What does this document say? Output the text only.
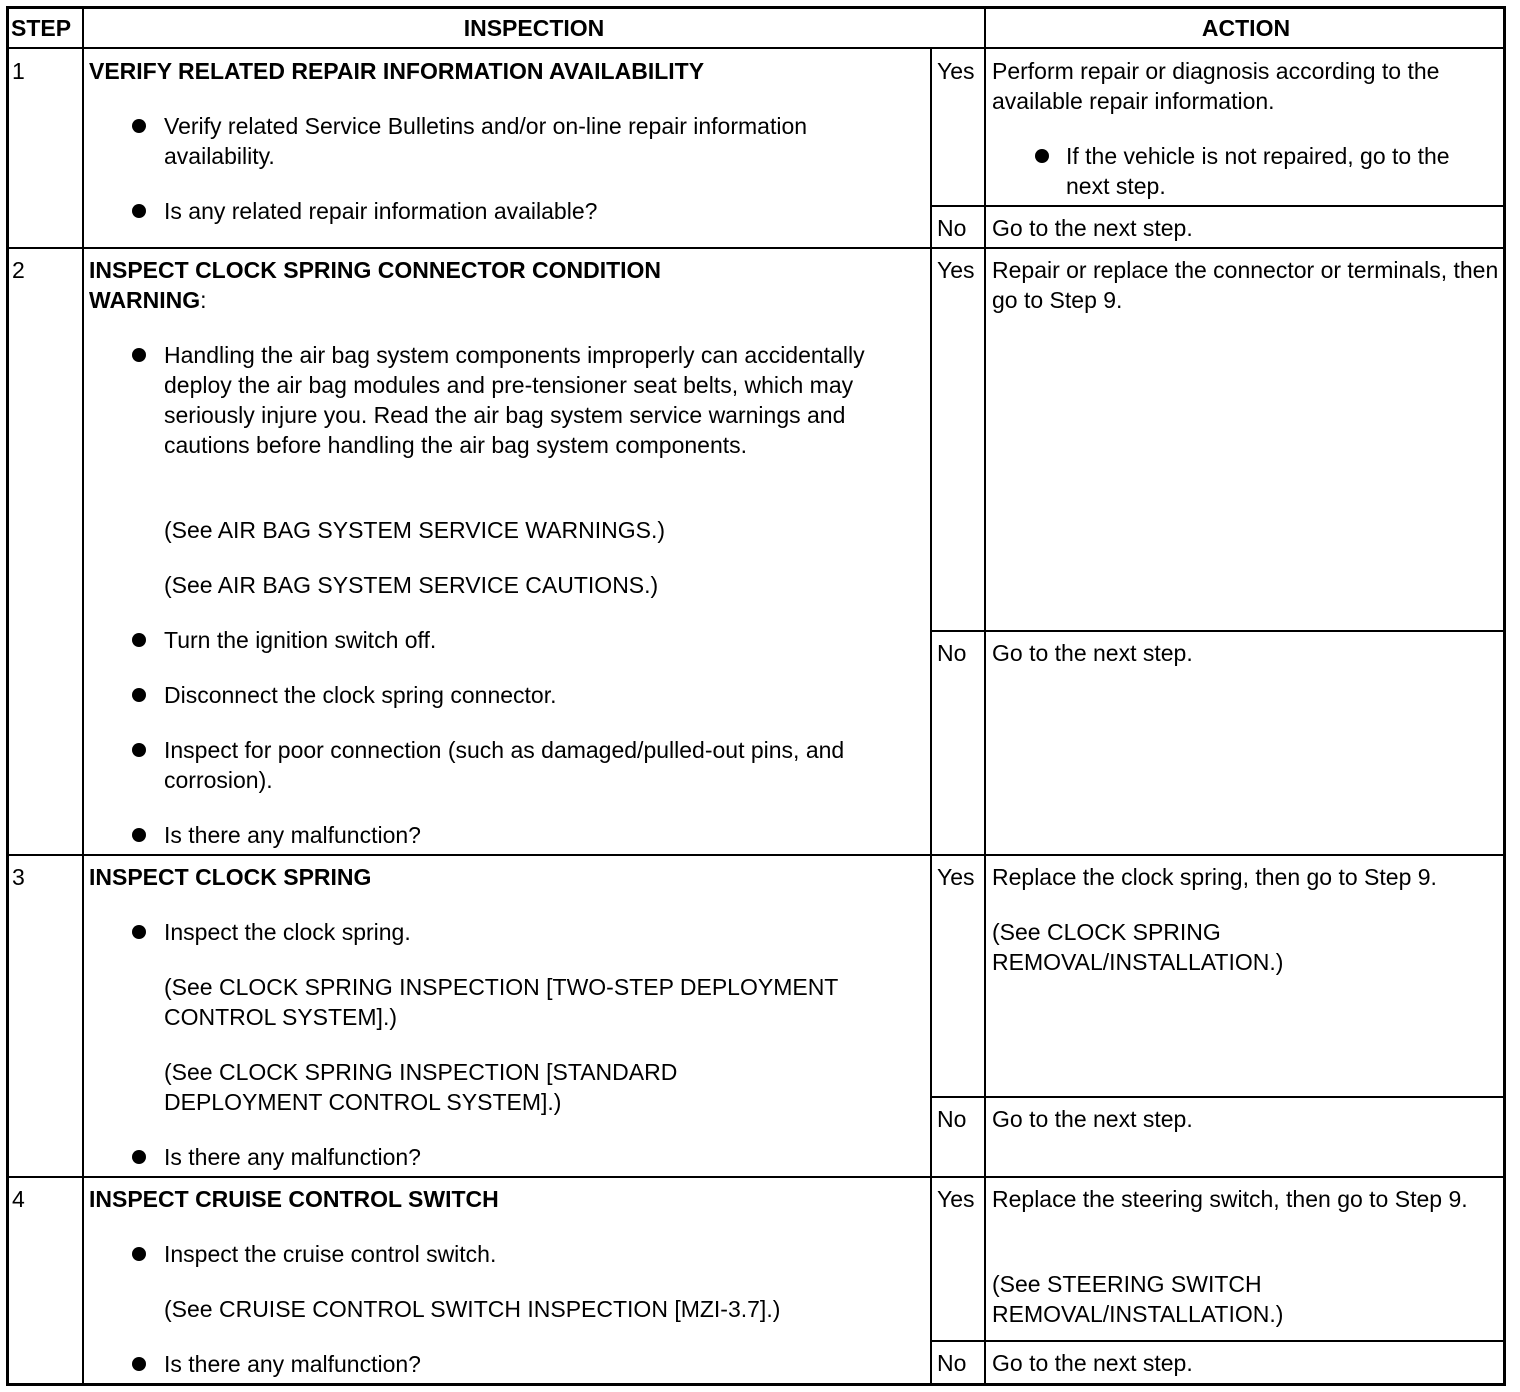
STEP	INSPECTION	ACTION
1	VERIFY RELATED REPAIR INFORMATION AVAILABILITY
Verify related Service Bulletins and/or on-line repair information availability.
Is any related repair information available?
Yes Perform repair or diagnosis according to the available repair information.
If the vehicle is not repaired, go to the next step.
No Go to the next step.
2	INSPECT CLOCK SPRING CONNECTOR CONDITION
WARNING:
Handling the air bag system components improperly can accidentally deploy the air bag modules and pre-tensioner seat belts, which may seriously injure you. Read the air bag system service warnings and cautions before handling the air bag system components.
(See AIR BAG SYSTEM SERVICE WARNINGS.)
(See AIR BAG SYSTEM SERVICE CAUTIONS.)
Turn the ignition switch off.
Disconnect the clock spring connector.
Inspect for poor connection (such as damaged/pulled-out pins, and corrosion).
Is there any malfunction?
Yes Repair or replace the connector or terminals, then go to Step 9.
No Go to the next step.
3	INSPECT CLOCK SPRING
Inspect the clock spring.
(See CLOCK SPRING INSPECTION [TWO-STEP DEPLOYMENT CONTROL SYSTEM].)
(See CLOCK SPRING INSPECTION [STANDARD DEPLOYMENT CONTROL SYSTEM].)
Is there any malfunction?
Yes Replace the clock spring, then go to Step 9.
(See CLOCK SPRING REMOVAL/INSTALLATION.)
No Go to the next step.
4	INSPECT CRUISE CONTROL SWITCH
Inspect the cruise control switch.
(See CRUISE CONTROL SWITCH INSPECTION [MZI-3.7].)
Is there any malfunction?
Yes Replace the steering switch, then go to Step 9.
(See STEERING SWITCH REMOVAL/INSTALLATION.)
No Go to the next step.
